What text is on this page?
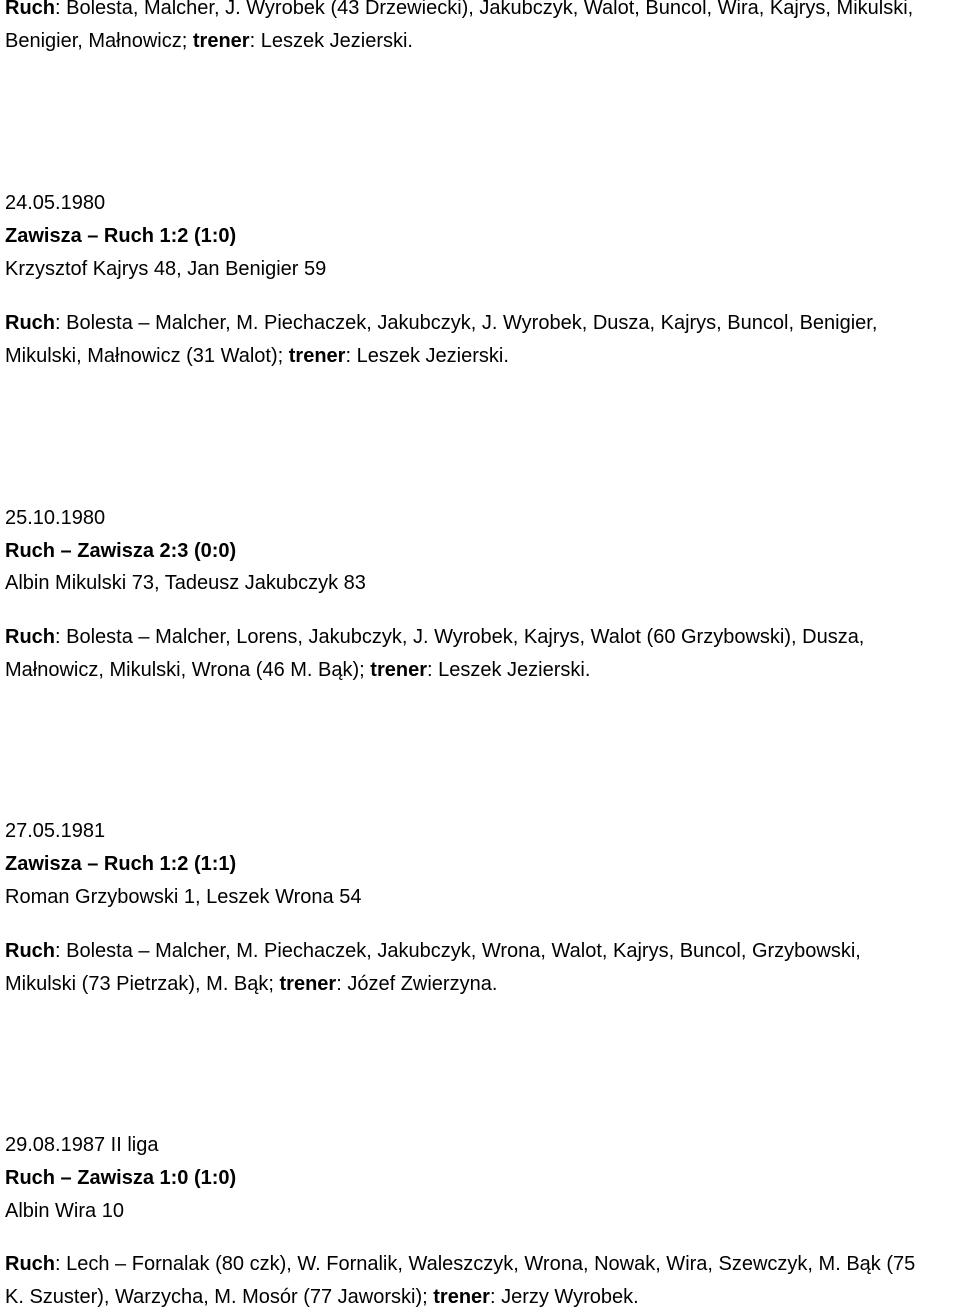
Ruch: Bolesta, Malcher, J. Wyrobek (43 Drzewiecki), Jakubczyk, Walot, Buncol, Wira, Kajrys, Mikulski,
Benigier, Małnowicz; trener: Leszek Jezierski.

24.05.1980

Zawisza – Ruch 1:2 (1:0)

Krzysztof Kajrys 48, Jan Benigier 59

Ruch: Bolesta – Malcher, M. Piechaczek, Jakubczyk, J. Wyrobek, Dusza, Kajrys, Buncol, Benigier,
Mikulski, Małnowicz (31 Walot); trener: Leszek Jezierski.

25.10.1980

Ruch – Zawisza 2:3 (0:0)

Albin Mikulski 73, Tadeusz Jakubczyk 83

Ruch: Bolesta – Malcher, Lorens, Jakubczyk, J. Wyrobek, Kajrys, Walot (60 Grzybowski), Dusza,
Małnowicz, Mikulski, Wrona (46 M. Bąk); trener: Leszek Jezierski.

27.05.1981

Zawisza – Ruch 1:2 (1:1)

Roman Grzybowski 1, Leszek Wrona 54

Ruch: Bolesta – Malcher, M. Piechaczek, Jakubczyk, Wrona, Walot, Kajrys, Buncol, Grzybowski,
Mikulski (73 Pietrzak), M. Bąk; trener: Józef Zwierzyna.

29.08.1987 II liga

Ruch – Zawisza 1:0 (1:0)

Albin Wira 10

Ruch: Lech – Fornalak (80 czk), W. Fornalik, Waleszczyk, Wrona, Nowak, Wira, Szewczyk, M. Bąk (75
K. Szuster), Warzycha, M. Mosór (77 Jaworski); trener: Jerzy Wyrobek.
